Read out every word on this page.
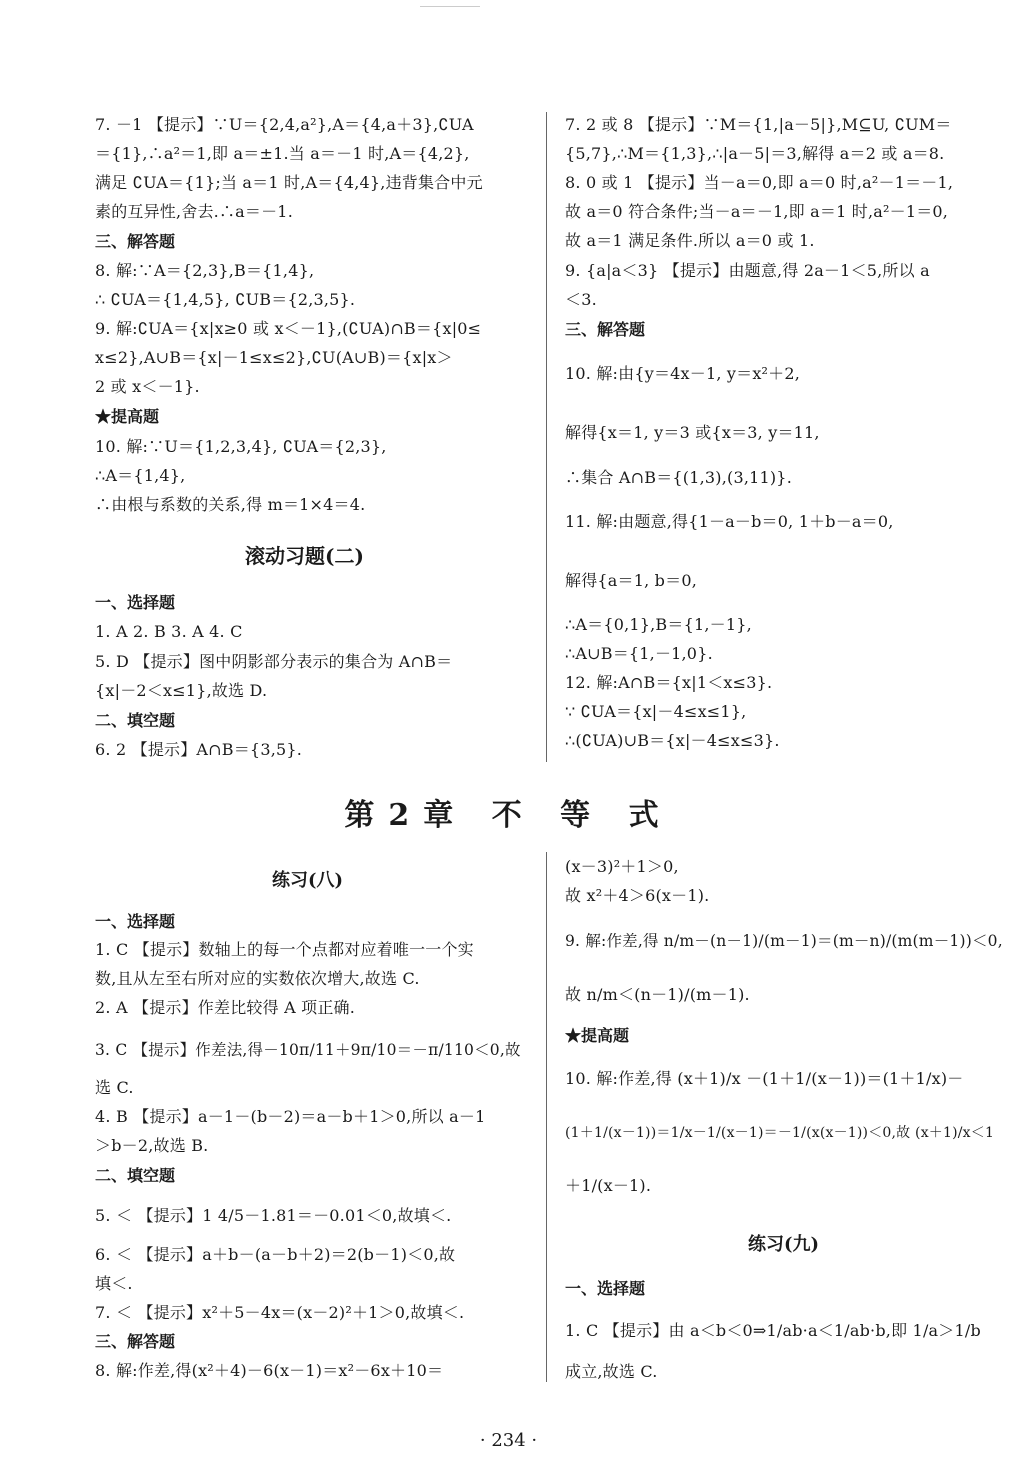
7. －1 【提示】∵U＝{2,4,a²},A＝{4,a＋3},∁UA
＝{1},∴a²＝1,即 a＝±1.当 a＝－1 时,A＝{4,2},
满足 ∁UA＝{1};当 a＝1 时,A＝{4,4},违背集合中元
素的互异性,舍去.∴a＝－1.
三、解答题
8. 解:∵A＝{2,3},B＝{1,4},
∴ ∁UA＝{1,4,5}, ∁UB＝{2,3,5}.
9. 解:∁UA＝{x|x≥0 或 x＜－1},(∁UA)∩B＝{x|0≤
x≤2},A∪B＝{x|－1≤x≤2},∁U(A∪B)＝{x|x＞
2 或 x＜－1}.
★提高题
10. 解:∵U＝{1,2,3,4}, ∁UA＝{2,3},
∴A＝{1,4},
∴由根与系数的关系,得 m＝1×4＝4.
滚动习题(二)
一、选择题
1. A 2. B 3. A 4. C
5. D 【提示】图中阴影部分表示的集合为 A∩B＝
{x|－2＜x≤1},故选 D.
二、填空题
6. 2 【提示】A∩B＝{3,5}.
7. 2 或 8 【提示】∵M＝{1,|a－5|},M⊆U, ∁UM＝
{5,7},∴M＝{1,3},∴|a－5|＝3,解得 a＝2 或 a＝8.
8. 0 或 1 【提示】当－a＝0,即 a＝0 时,a²－1＝－1,
故 a＝0 符合条件;当－a＝－1,即 a＝1 时,a²－1＝0,
故 a＝1 满足条件.所以 a＝0 或 1.
9. {a|a＜3} 【提示】由题意,得 2a－1＜5,所以 a
＜3.
三、解答题
10. 解:由{y＝4x－1, y＝x²＋2,
解得{x＝1, y＝3 或{x＝3, y＝11,
∴集合 A∩B＝{(1,3),(3,11)}.
11. 解:由题意,得{1－a－b＝0, 1＋b－a＝0,
解得{a＝1, b＝0,
∴A＝{0,1},B＝{1,－1},
∴A∪B＝{1,－1,0}.
12. 解:A∩B＝{x|1＜x≤3}.
∵ ∁UA＝{x|－4≤x≤1},
∴(∁UA)∪B＝{x|－4≤x≤3}.
第2章 不 等 式
练习(八)
一、选择题
1. C 【提示】数轴上的每一个点都对应着唯一一个实
数,且从左至右所对应的实数依次增大,故选 C.
2. A 【提示】作差比较得 A 项正确.
3. C 【提示】作差法,得－10π/11＋9π/10＝－π/110＜0,故
选 C.
4. B 【提示】a－1－(b－2)＝a－b＋1＞0,所以 a－1
＞b－2,故选 B.
二、填空题
5. ＜ 【提示】1 4/5－1.81＝－0.01＜0,故填＜.
6. ＜ 【提示】a＋b－(a－b＋2)＝2(b－1)＜0,故
填＜.
7. ＜ 【提示】x²＋5－4x＝(x－2)²＋1＞0,故填＜.
三、解答题
8. 解:作差,得(x²＋4)－6(x－1)＝x²－6x＋10＝
(x－3)²＋1＞0,
故 x²＋4＞6(x－1).
9. 解:作差,得 n/m－(n－1)/(m－1)＝(m－n)/(m(m－1))＜0,
故 n/m＜(n－1)/(m－1).
★提高题
10. 解:作差,得 (x＋1)/x －(1＋1/(x－1))＝(1＋1/x)－
(1＋1/(x－1))＝1/x－1/(x－1)＝－1/(x(x－1))＜0,故 (x＋1)/x＜1
＋1/(x－1).
练习(九)
一、选择题
1. C 【提示】由 a＜b＜0⇒1/ab·a＜1/ab·b,即 1/a＞1/b
成立,故选 C.
· 234 ·
